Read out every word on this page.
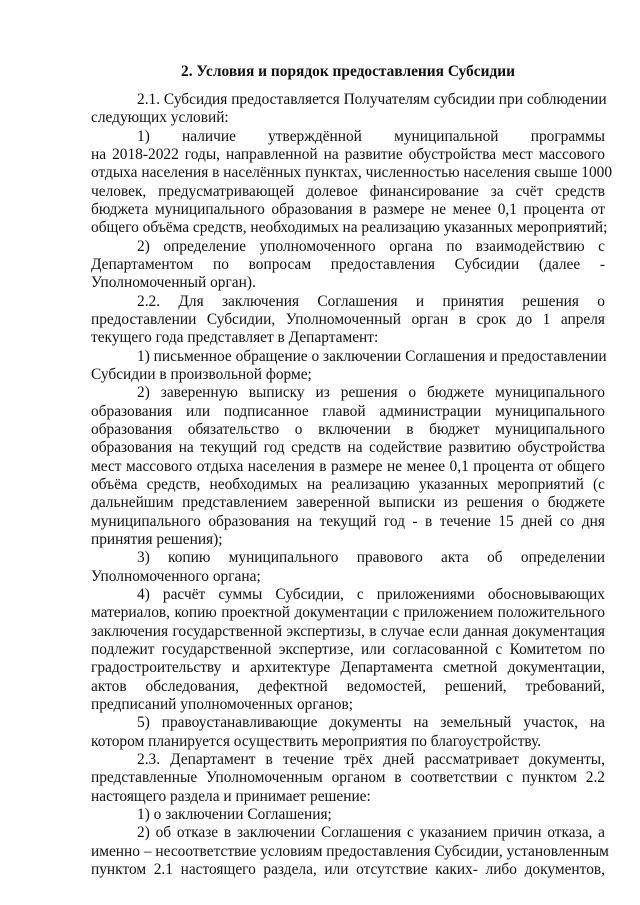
2. Условия и порядок предоставления Субсидии
2.1. Субсидия предоставляется Получателям субсидии при соблюдении
следующих условий:
1) наличие утверждённой муниципальной программы
на 2018-2022 годы, направленной на развитие обустройства мест массового
отдыха населения в населённых пунктах, численностью населения свыше 1000
человек, предусматривающей долевое финансирование за счёт средств
бюджета муниципального образования в размере не менее 0,1 процента от
общего объёма средств, необходимых на реализацию указанных мероприятий;
2) определение уполномоченного органа по взаимодействию с
Департаментом по вопросам предоставления Субсидии (далее -
Уполномоченный орган).
2.2. Для заключения Соглашения и принятия решения о
предоставлении Субсидии, Уполномоченный орган в срок до 1 апреля
текущего года представляет в Департамент:
1) письменное обращение о заключении Соглашения и предоставлении
Субсидии в произвольной форме;
2) заверенную выписку из решения о бюджете муниципального
образования или подписанное главой администрации муниципального
образования обязательство о включении в бюджет муниципального
образования на текущий год средств на содействие развитию обустройства
мест массового отдыха населения в размере не менее 0,1 процента от общего
объёма средств, необходимых на реализацию указанных мероприятий (с
дальнейшим представлением заверенной выписки из решения о бюджете
муниципального образования на текущий год - в течение 15 дней со дня
принятия решения);
3) копию муниципального правового акта об определении
Уполномоченного органа;
4) расчёт суммы Субсидии, с приложениями обосновывающих
материалов, копию проектной документации с приложением положительного
заключения государственной экспертизы, в случае если данная документация
подлежит государственной экспертизе, или согласованной с Комитетом по
градостроительству и архитектуре Департамента сметной документации,
актов обследования, дефектной ведомостей, решений, требований,
предписаний уполномоченных органов;
5) правоустанавливающие документы на земельный участок, на
котором планируется осуществить мероприятия по благоустройству.
2.3. Департамент в течение трёх дней рассматривает документы,
представленные Уполномоченным органом в соответствии с пунктом 2.2
настоящего раздела и принимает решение:
1) о заключении Соглашения;
2) об отказе в заключении Соглашения с указанием причин отказа, а
именно – несоответствие условиям предоставления Субсидии, установленным
пунктом 2.1 настоящего раздела, или отсутствие каких- либо документов,
